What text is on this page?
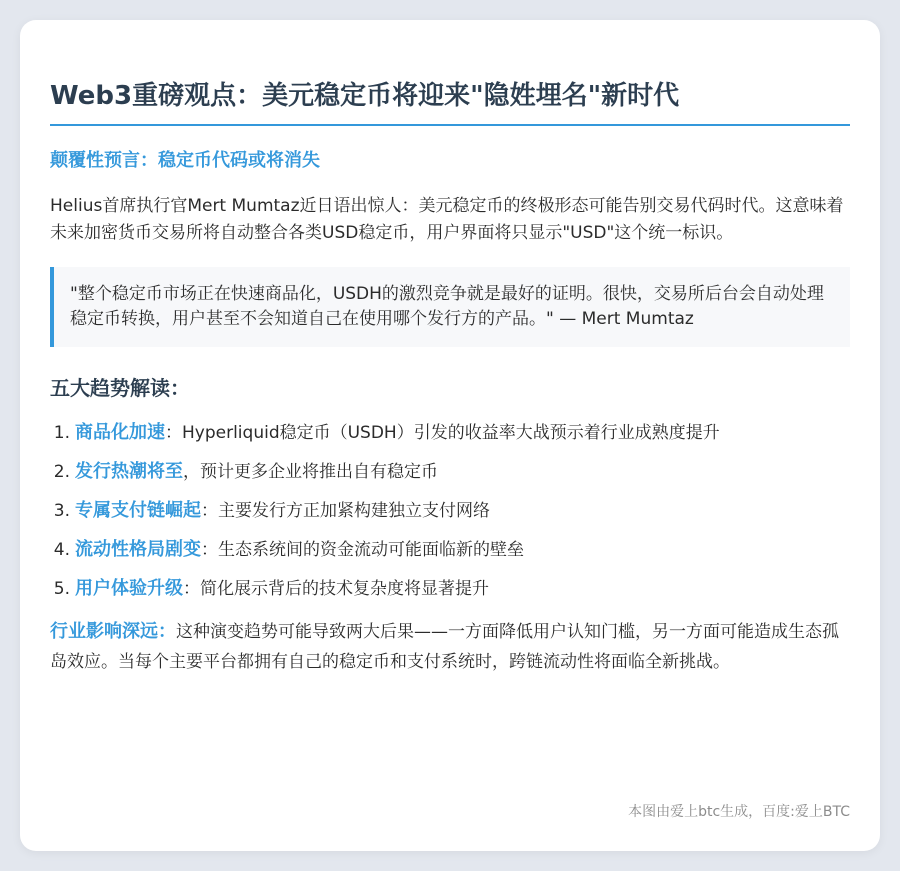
Web3重磅观点：美元稳定币将迎来"隐姓埋名"新时代
颠覆性预言：稳定币代码或将消失

Helius首席执行官Mert Mumtaz近日语出惊人：美元稳定币的终极形态可能告别交易代码时代。这意味着未来加密货币交易所将自动整合各类USD稳定币，用户界面将只显示"USD"这个统一标识。

"整个稳定币市场正在快速商品化，USDH的激烈竞争就是最好的证明。很快，交易所后台会自动处理稳定币转换，用户甚至不会知道自己在使用哪个发行方的产品。" — Mert Mumtaz
五大趋势解读：
1. 商品化加速：Hyperliquid稳定币（USDH）引发的收益率大战预示着行业成熟度提升
2. 发行热潮将至，预计更多企业将推出自有稳定币
3. 专属支付链崛起：主要发行方正加紧构建独立支付网络
4. 流动性格局剧变：生态系统间的资金流动可能面临新的壁垒
5. 用户体验升级：简化展示背后的技术复杂度将显著提升

行业影响深远：这种演变趋势可能导致两大后果——一方面降低用户认知门槛，另一方面可能造成生态孤岛效应。当每个主要平台都拥有自己的稳定币和支付系统时，跨链流动性将面临全新挑战。

本图由爱上btc生成，百度:爱上BTC
